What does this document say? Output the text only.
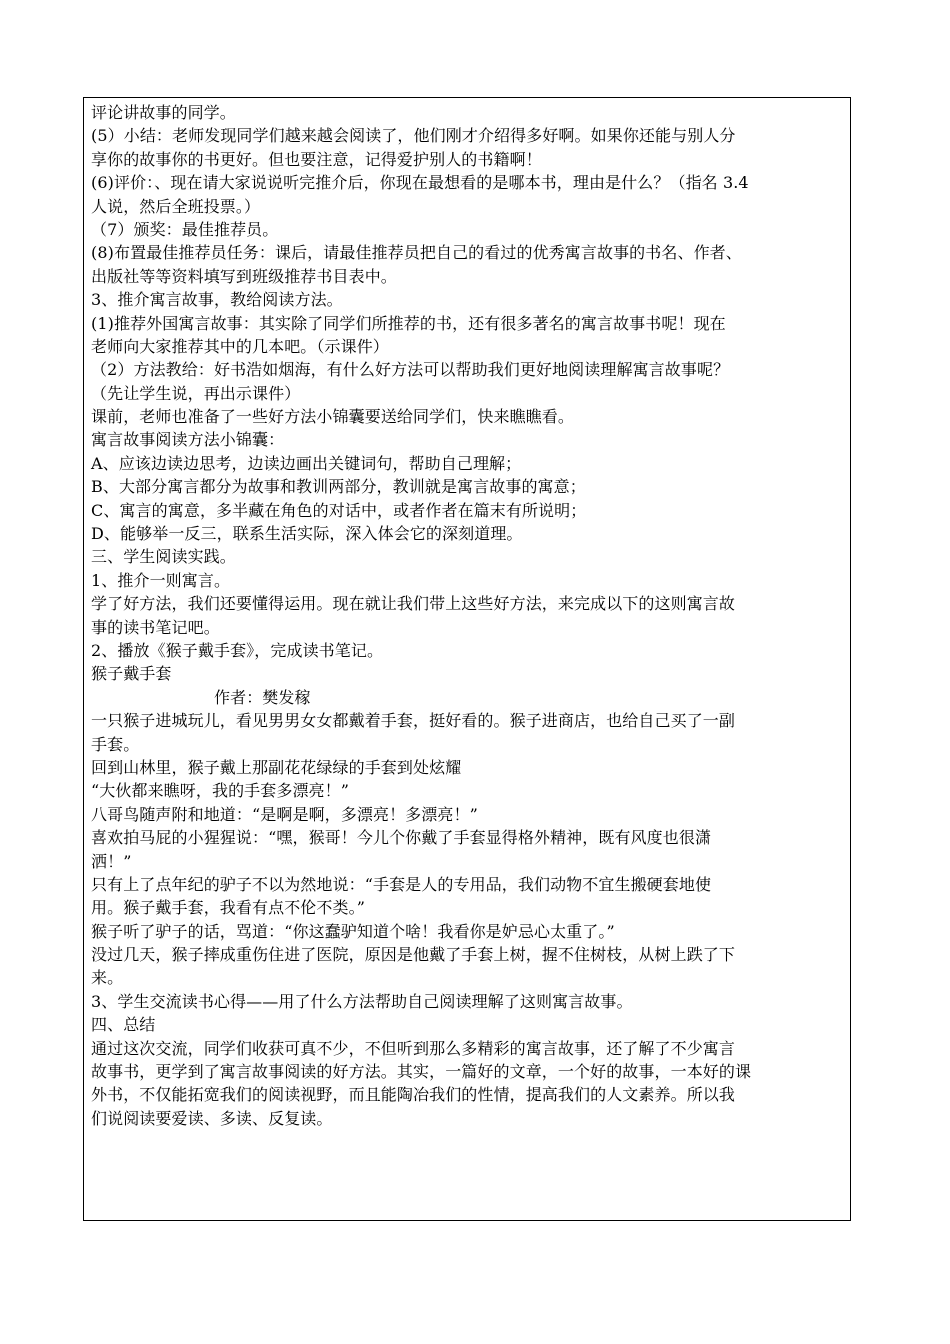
评论讲故事的同学。
(5）小结：老师发现同学们越来越会阅读了，他们刚才介绍得多好啊。如果你还能与别人分
享你的故事你的书更好。但也要注意，记得爱护别人的书籍啊！
(6)评价：、现在请大家说说听完推介后，你现在最想看的是哪本书，理由是什么？（指名 3.4
人说，然后全班投票。）
（7）颁奖：最佳推荐员。
(8)布置最佳推荐员任务：课后，请最佳推荐员把自己的看过的优秀寓言故事的书名、作者、
出版社等等资料填写到班级推荐书目表中。
3、推介寓言故事，教给阅读方法。
(1)推荐外国寓言故事：其实除了同学们所推荐的书，还有很多著名的寓言故事书呢！现在
老师向大家推荐其中的几本吧。（示课件）
（2）方法教给：好书浩如烟海，有什么好方法可以帮助我们更好地阅读理解寓言故事呢？
（先让学生说，再出示课件）
课前，老师也准备了一些好方法小锦囊要送给同学们，快来瞧瞧看。
寓言故事阅读方法小锦囊：
A、应该边读边思考，边读边画出关键词句，帮助自己理解；
B、大部分寓言都分为故事和教训两部分，教训就是寓言故事的寓意；
C、寓言的寓意，多半藏在角色的对话中，或者作者在篇末有所说明；
D、能够举一反三，联系生活实际，深入体会它的深刻道理。
三、学生阅读实践。
1、推介一则寓言。
学了好方法，我们还要懂得运用。现在就让我们带上这些好方法，来完成以下的这则寓言故
事的读书笔记吧。
2、播放《猴子戴手套》，完成读书笔记。
猴子戴手套
作者：樊发稼
一只猴子进城玩儿，看见男男女女都戴着手套，挺好看的。猴子进商店，也给自己买了一副
手套。
回到山林里，猴子戴上那副花花绿绿的手套到处炫耀
“大伙都来瞧呀，我的手套多漂亮！”
八哥鸟随声附和地道：“是啊是啊，多漂亮！多漂亮！”
喜欢拍马屁的小猩猩说：“嘿，猴哥！今儿个你戴了手套显得格外精神，既有风度也很潇
洒！”
只有上了点年纪的驴子不以为然地说：“手套是人的专用品，我们动物不宜生搬硬套地使
用。猴子戴手套，我看有点不伦不类。”
猴子听了驴子的话，骂道：“你这蠢驴知道个啥！我看你是妒忌心太重了。”
没过几天，猴子摔成重伤住进了医院，原因是他戴了手套上树，握不住树枝，从树上跌了下
来。
3、学生交流读书心得——用了什么方法帮助自己阅读理解了这则寓言故事。
四、总结
通过这次交流，同学们收获可真不少，不但听到那么多精彩的寓言故事，还了解了不少寓言
故事书，更学到了寓言故事阅读的好方法。其实，一篇好的文章，一个好的故事，一本好的课
外书，不仅能拓宽我们的阅读视野，而且能陶冶我们的性情，提高我们的人文素养。所以我
们说阅读要爱读、多读、反复读。
